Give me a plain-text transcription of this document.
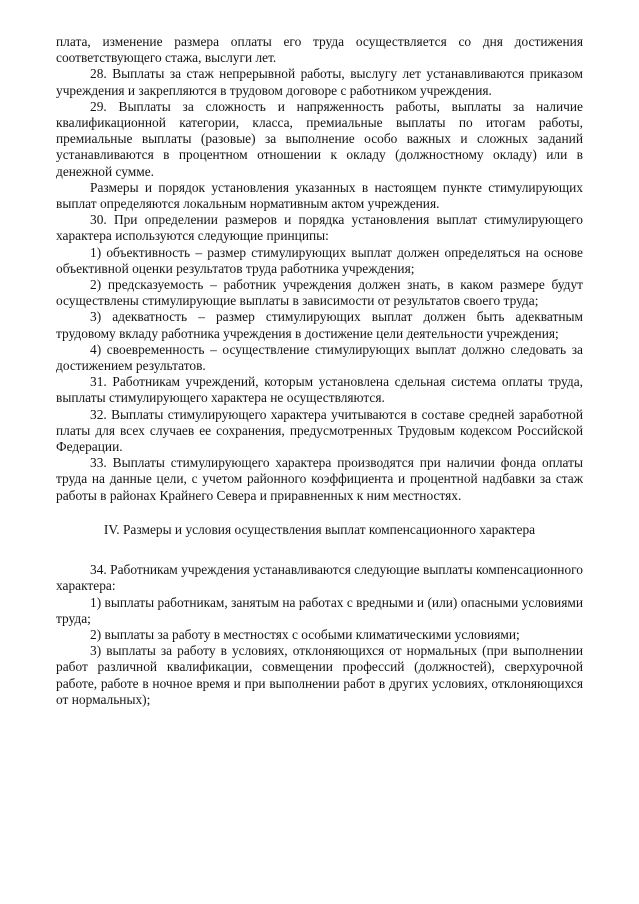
плата, изменение размера оплаты его труда осуществляется со дня достижения соответствующего стажа, выслуги лет.

28. Выплаты за стаж непрерывной работы, выслугу лет устанавливаются приказом учреждения и закрепляются в трудовом договоре с работником учреждения.

29. Выплаты за сложность и напряженность работы, выплаты за наличие квалификационной категории, класса, премиальные выплаты по итогам работы, премиальные выплаты (разовые) за выполнение особо важных и сложных заданий устанавливаются в процентном отношении к окладу (должностному окладу) или в денежной сумме.

Размеры и порядок установления указанных в настоящем пункте стимулирующих выплат определяются локальным нормативным актом учреждения.

30. При определении размеров и порядка установления выплат стимулирующего характера используются следующие принципы:

1) объективность – размер стимулирующих выплат должен определяться на основе объективной оценки результатов труда работника учреждения;

2) предсказуемость – работник учреждения должен знать, в каком размере будут осуществлены стимулирующие выплаты в зависимости от результатов своего труда;

3) адекватность – размер стимулирующих выплат должен быть адекватным трудовому вкладу работника учреждения в достижение цели деятельности учреждения;

4) своевременность – осуществление стимулирующих выплат должно следовать за достижением результатов.

31. Работникам учреждений, которым установлена сдельная система оплаты труда, выплаты стимулирующего характера не осуществляются.

32. Выплаты стимулирующего характера учитываются в составе средней заработной платы для всех случаев ее сохранения, предусмотренных Трудовым кодексом Российской Федерации.

33. Выплаты стимулирующего характера производятся при наличии фонда оплаты труда на данные цели, с учетом районного коэффициента и процентной надбавки за стаж работы в районах Крайнего Севера и приравненных к ним местностях.

IV. Размеры и условия осуществления выплат компенсационного характера

34. Работникам учреждения устанавливаются следующие выплаты компенсационного характера:

1) выплаты работникам, занятым на работах с вредными и (или) опасными условиями труда;

2) выплаты за работу в местностях с особыми климатическими условиями;

3) выплаты за работу в условиях, отклоняющихся от нормальных (при выполнении работ различной квалификации, совмещении профессий (должностей), сверхурочной работе, работе в ночное время и при выполнении работ в других условиях, отклоняющихся от нормальных);
